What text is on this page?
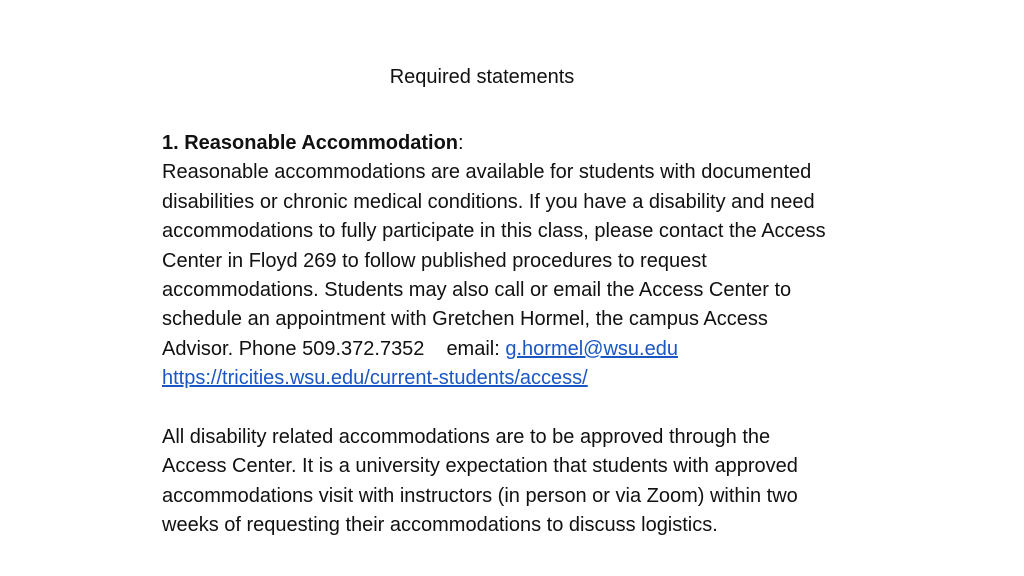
Required statements
1. Reasonable Accommodation:
Reasonable accommodations are available for students with documented
disabilities or chronic medical conditions. If you have a disability and need
accommodations to fully participate in this class, please contact the Access
Center in Floyd 269 to follow published procedures to request
accommodations. Students may also call or email the Access Center to
schedule an appointment with Gretchen Hormel, the campus Access
Advisor. Phone 509.372.7352 email: g.hormel@wsu.edu
https://tricities.wsu.edu/current-students/access/
All disability related accommodations are to be approved through the
Access Center. It is a university expectation that students with approved
accommodations visit with instructors (in person or via Zoom) within two
weeks of requesting their accommodations to discuss logistics.
